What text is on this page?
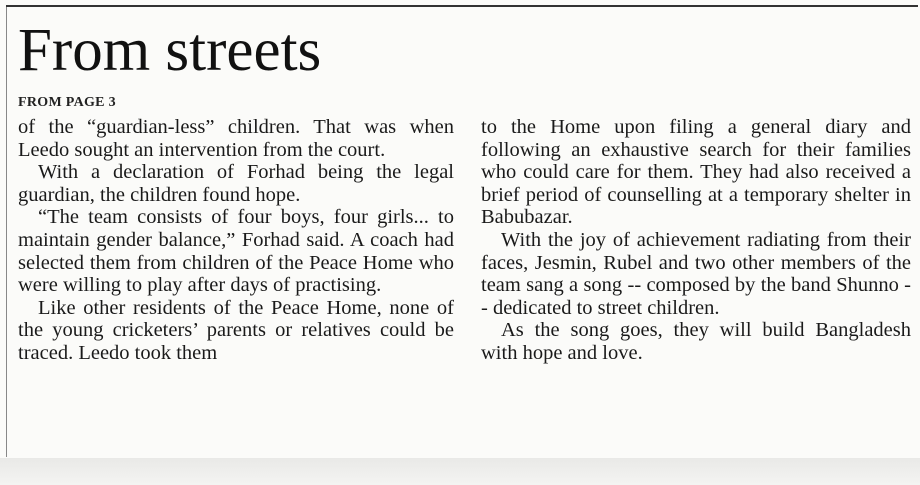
From streets
FROM PAGE 3

of the “guardian-less” children. That was when Leedo sought an intervention from the court.

With a declaration of Forhad being the legal guardian, the children found hope.

“The team consists of four boys, four girls... to maintain gender balance,” Forhad said. A coach had selected them from children of the Peace Home who were willing to play after days of practising.

Like other residents of the Peace Home, none of the young cricketers’ parents or relatives could be traced. Leedo took them

to the Home upon filing a general diary and following an exhaustive search for their families who could care for them. They had also received a brief period of counselling at a temporary shelter in Babubazar.

With the joy of achievement radiating from their faces, Jesmin, Rubel and two other members of the team sang a song -- composed by the band Shunno -- dedicated to street children.

As the song goes, they will build Bangladesh with hope and love.
